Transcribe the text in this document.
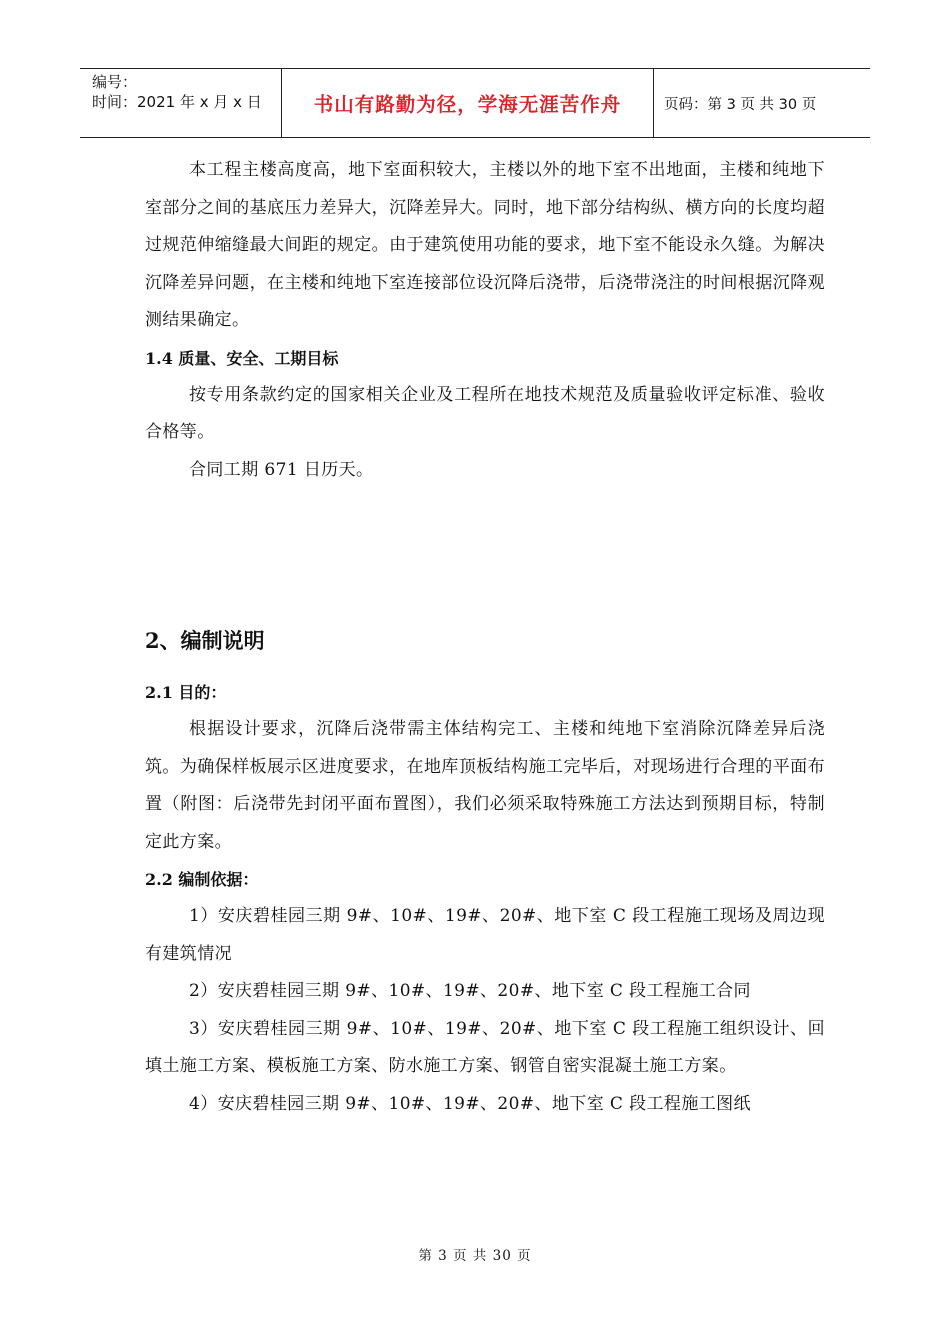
编号：
时间：2021 年 x 月 x 日	书山有路勤为径，学海无涯苦作舟	页码：第 3 页 共 30 页

本工程主楼高度高，地下室面积较大，主楼以外的地下室不出地面，主楼和纯地下室部分之间的基底压力差异大，沉降差异大。同时，地下部分结构纵、横方向的长度均超过规范伸缩缝最大间距的规定。由于建筑使用功能的要求，地下室不能设永久缝。为解决沉降差异问题，在主楼和纯地下室连接部位设沉降后浇带，后浇带浇注的时间根据沉降观测结果确定。

1.4 质量、安全、工期目标

按专用条款约定的国家相关企业及工程所在地技术规范及质量验收评定标准、验收合格等。

合同工期 671 日历天。

2、编制说明

2.1 目的：

根据设计要求，沉降后浇带需主体结构完工、主楼和纯地下室消除沉降差异后浇筑。为确保样板展示区进度要求，在地库顶板结构施工完毕后，对现场进行合理的平面布置（附图：后浇带先封闭平面布置图），我们必须采取特殊施工方法达到预期目标，特制定此方案。

2.2 编制依据：

1）安庆碧桂园三期 9#、10#、19#、20#、地下室 C 段工程施工现场及周边现有建筑情况

2）安庆碧桂园三期 9#、10#、19#、20#、地下室 C 段工程施工合同

3）安庆碧桂园三期 9#、10#、19#、20#、地下室 C 段工程施工组织设计、回填土施工方案、模板施工方案、防水施工方案、钢管自密实混凝土施工方案。

4）安庆碧桂园三期 9#、10#、19#、20#、地下室 C 段工程施工图纸

第 3 页 共 30 页
